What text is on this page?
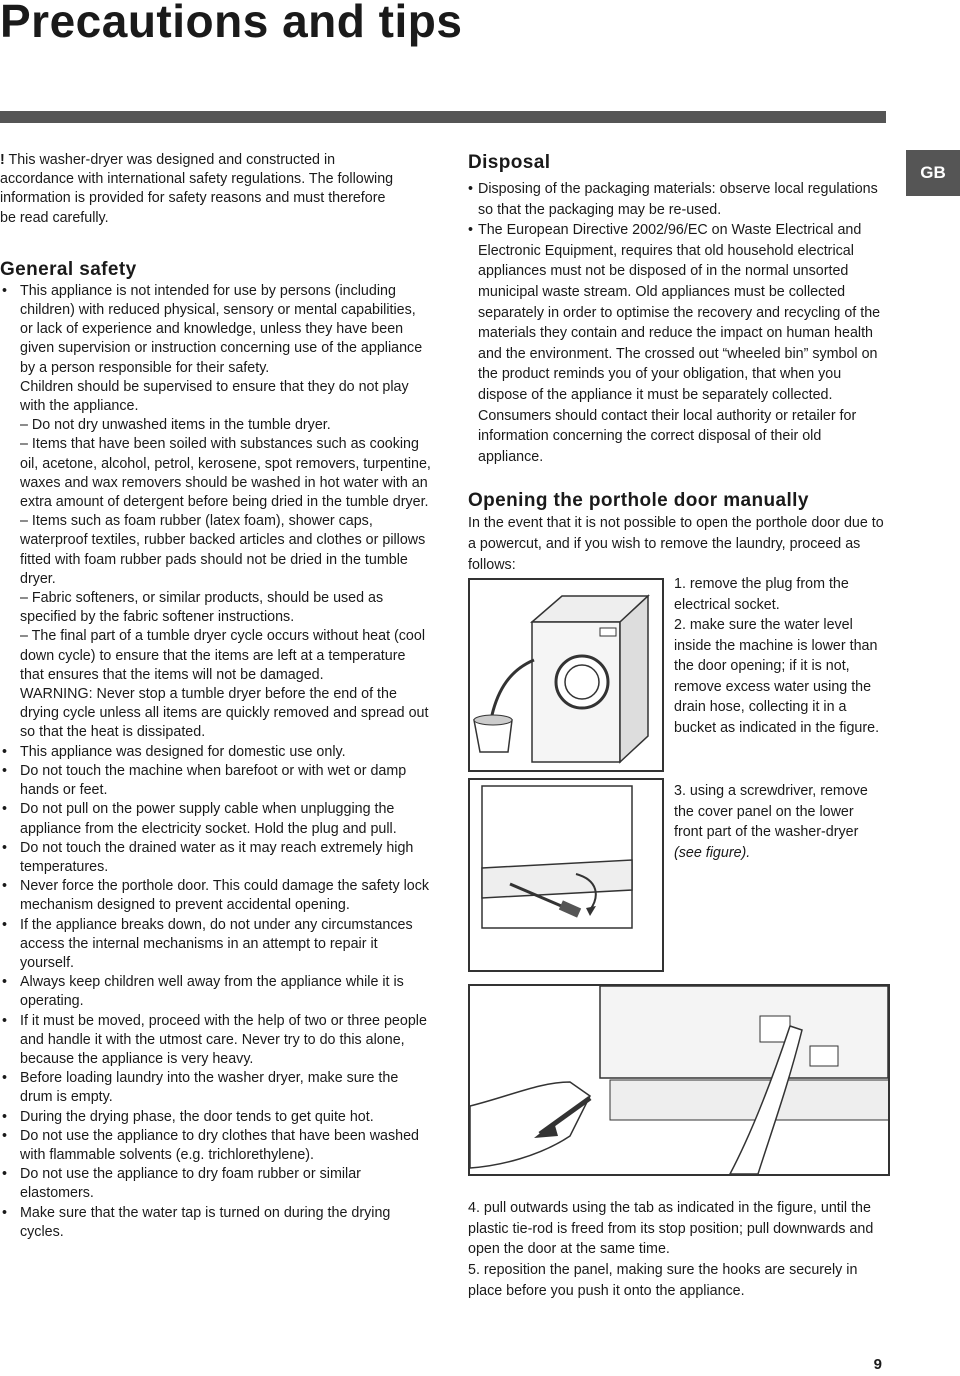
Precautions and tips
GB

! This washer-dryer was designed and constructed in accordance with international safety regulations. The following information is provided for safety reasons and must therefore be read carefully.

General safety
• This appliance is not intended for use by persons (including children) with reduced physical, sensory or mental capabilities, or lack of experience and knowledge, unless they have been given supervision or instruction concerning use of the appliance by a person responsible for their safety.
Children should be supervised to ensure that they do not play with the appliance.
– Do not dry unwashed items in the tumble dryer.
– Items that have been soiled with substances such as cooking oil, acetone, alcohol, petrol, kerosene, spot removers, turpentine, waxes and wax removers should be washed in hot water with an extra amount of detergent before being dried in the tumble dryer.
– Items such as foam rubber (latex foam), shower caps, waterproof textiles, rubber backed articles and clothes or pillows fitted with foam rubber pads should not be dried in the tumble dryer.
– Fabric softeners, or similar products, should be used as specified by the fabric softener instructions.
– The final part of a tumble dryer cycle occurs without heat (cool down cycle) to ensure that the items are left at a temperature that ensures that the items will not be damaged.
WARNING: Never stop a tumble dryer before the end of the drying cycle unless all items are quickly removed and spread out so that the heat is dissipated.
• This appliance was designed for domestic use only.
• Do not touch the machine when barefoot or with wet or damp hands or feet.
• Do not pull on the power supply cable when unplugging the appliance from the electricity socket. Hold the plug and pull.
• Do not touch the drained water as it may reach extremely high temperatures.
• Never force the porthole door. This could damage the safety lock mechanism designed to prevent accidental opening.
• If the appliance breaks down, do not under any circumstances access the internal mechanisms in an attempt to repair it yourself.
• Always keep children well away from the appliance while it is operating.
• If it must be moved, proceed with the help of two or three people and handle it with the utmost care. Never try to do this alone, because the appliance is very heavy.
• Before loading laundry into the washer dryer, make sure the drum is empty.
• During the drying phase, the door tends to get quite hot.
• Do not use the appliance to dry clothes that have been washed with flammable solvents (e.g. trichlorethylene).
• Do not use the appliance to dry foam rubber or similar elastomers.
• Make sure that the water tap is turned on during the drying cycles.
Disposal
• Disposing of the packaging materials: observe local regulations so that the packaging may be re-used.
• The European Directive 2002/96/EC on Waste Electrical and Electronic Equipment, requires that old household electrical appliances must not be disposed of in the normal unsorted municipal waste stream. Old appliances must be collected separately in order to optimise the recovery and recycling of the materials they contain and reduce the impact on human health and the environment. The crossed out “wheeled bin” symbol on the product reminds you of your obligation, that when you dispose of the appliance it must be separately collected. Consumers should contact their local authority or retailer for information concerning the correct disposal of their old appliance.
Opening the porthole door manually

In the event that it is not possible to open the porthole door due to a powercut, and if you wish to remove the laundry, proceed as follows:

1. remove the plug from the electrical socket.
2. make sure the water level inside the machine is lower than the door opening; if it is not, remove excess water using the drain hose, collecting it in a bucket as indicated in the figure.
3. using a screwdriver, remove the cover panel on the lower front part of the washer-dryer (see figure).
4. pull outwards using the tab as indicated in the figure, until the plastic tie-rod is freed from its stop position; pull downwards and open the door at the same time.
5. reposition the panel, making sure the hooks are securely in place before you push it onto the appliance.
9
